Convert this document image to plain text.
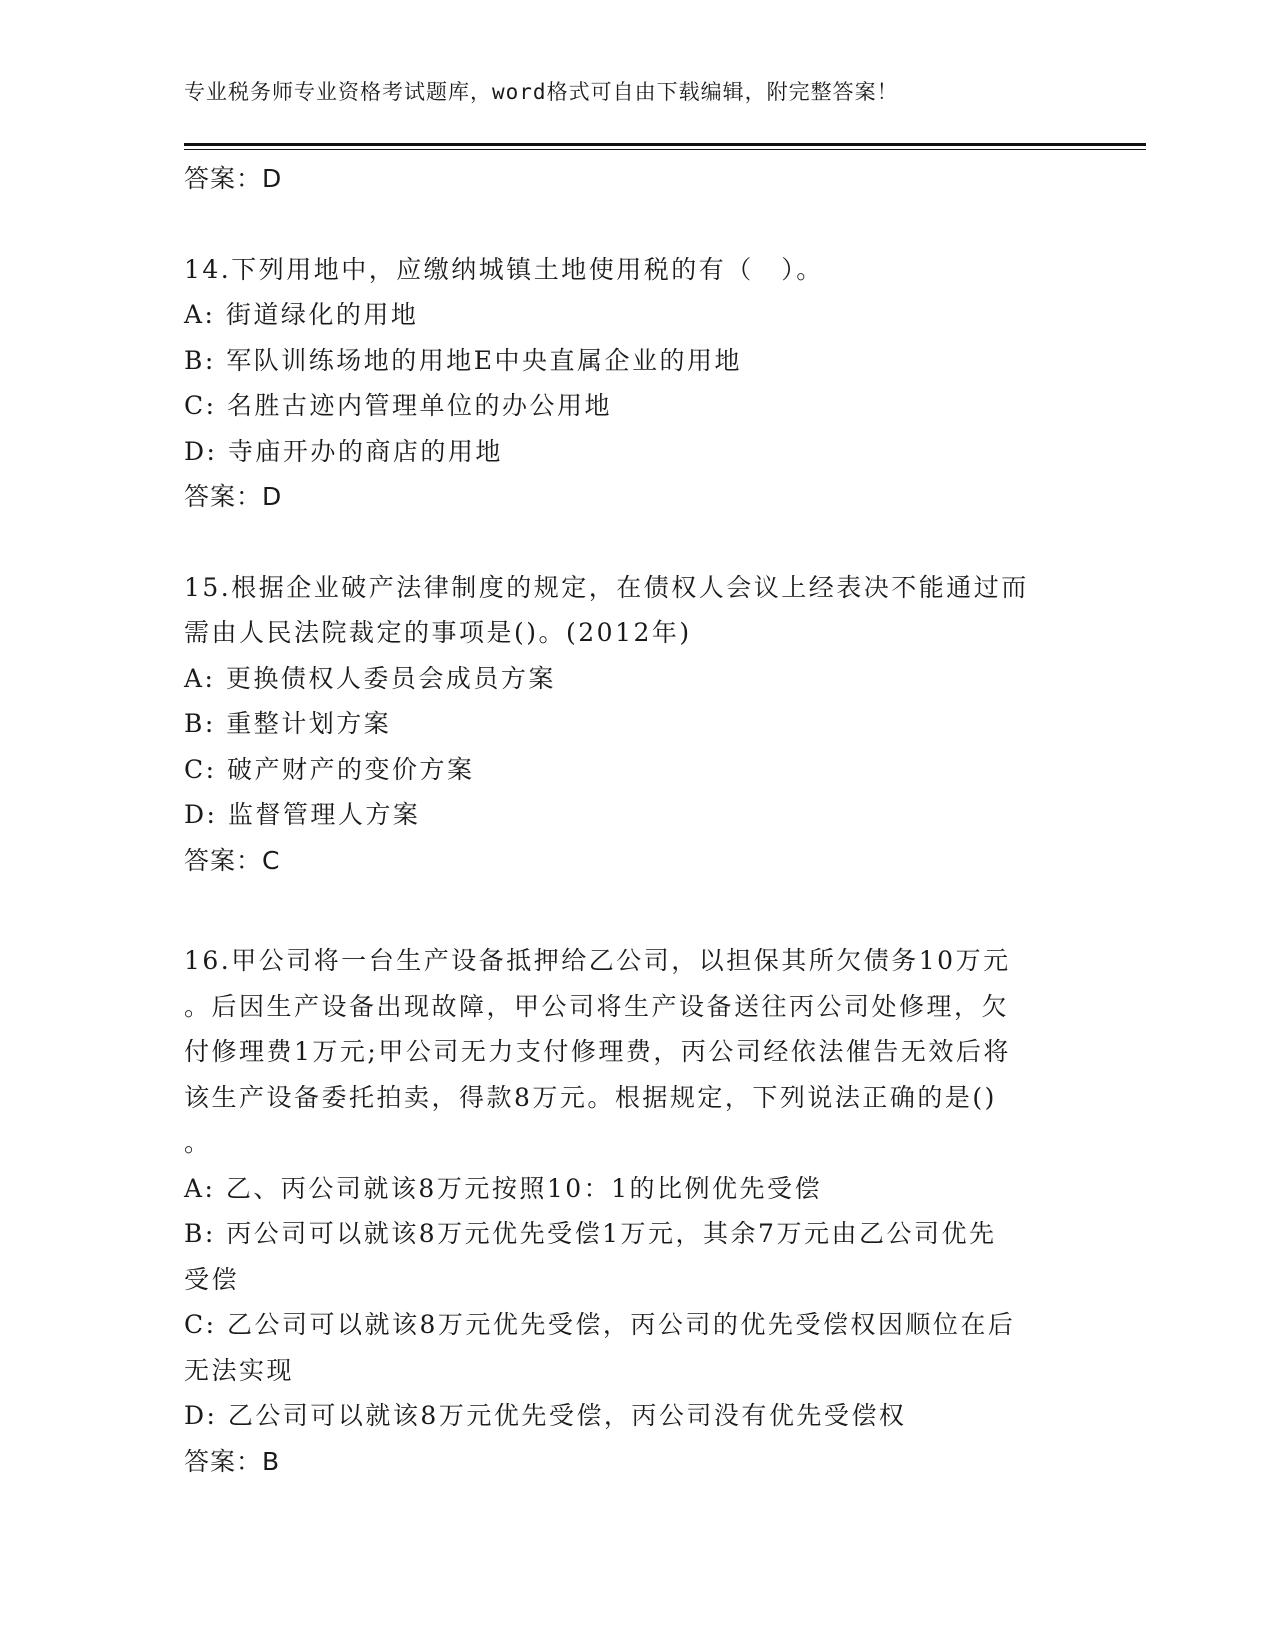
专业税务师专业资格考试题库，word格式可自由下载编辑，附完整答案！
答案：D
14.下列用地中，应缴纳城镇土地使用税的有（　）。
A: 街道绿化的用地
B: 军队训练场地的用地E中央直属企业的用地
C: 名胜古迹内管理单位的办公用地
D: 寺庙开办的商店的用地
答案：D
15.根据企业破产法律制度的规定，在债权人会议上经表决不能通过而
需由人民法院裁定的事项是()。(2012年)
A: 更换债权人委员会成员方案
B: 重整计划方案
C: 破产财产的变价方案
D: 监督管理人方案
答案：C
16.甲公司将一台生产设备抵押给乙公司，以担保其所欠债务10万元
。后因生产设备出现故障，甲公司将生产设备送往丙公司处修理，欠
付修理费1万元;甲公司无力支付修理费，丙公司经依法催告无效后将
该生产设备委托拍卖，得款8万元。根据规定，下列说法正确的是()
。
A: 乙、丙公司就该8万元按照10：1的比例优先受偿
B: 丙公司可以就该8万元优先受偿1万元，其余7万元由乙公司优先
受偿
C: 乙公司可以就该8万元优先受偿，丙公司的优先受偿权因顺位在后
无法实现
D: 乙公司可以就该8万元优先受偿，丙公司没有优先受偿权
答案：B
